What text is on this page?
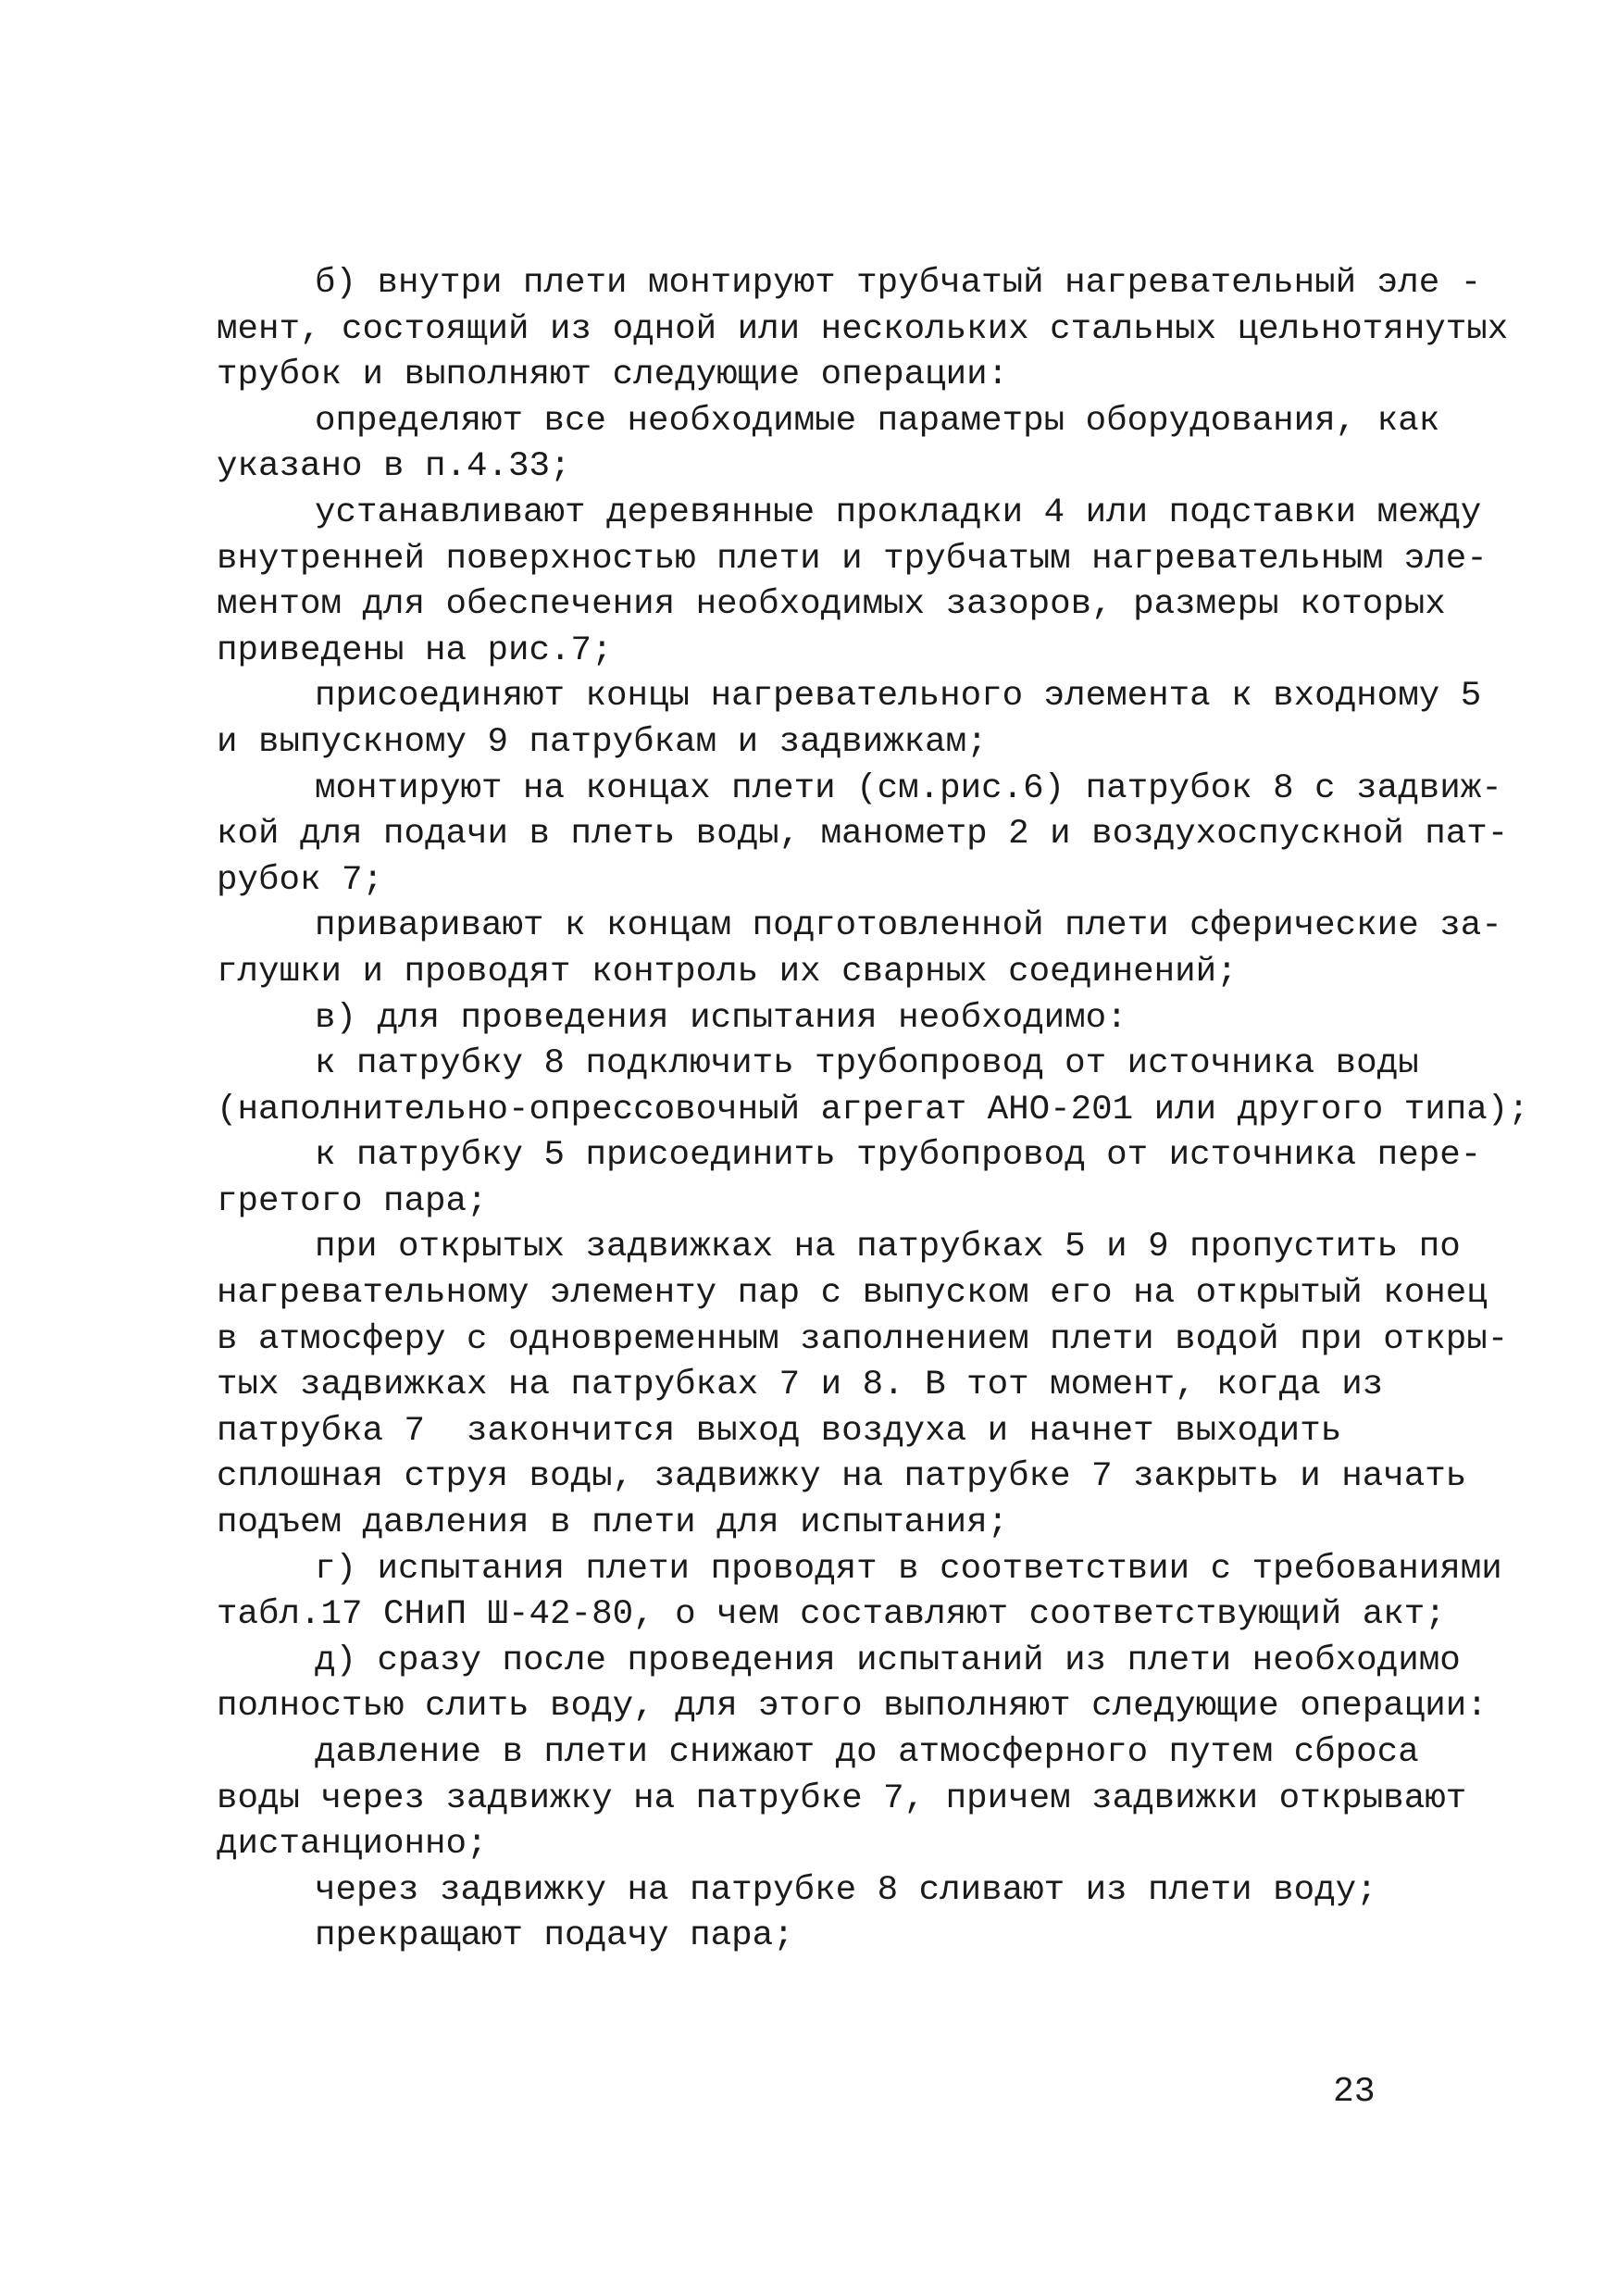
б) внутри плети монтируют трубчатый нагревательный эле -
мент, состоящий из одной или нескольких стальных цельнотянутых
трубок и выполняют следующие операции:
определяют все необходимые параметры оборудования, как
указано в п.4.33;
устанавливают деревянные прокладки 4 или подставки между
внутренней поверхностью плети и трубчатым нагревательным эле-
ментом для обеспечения необходимых зазоров, размеры которых
приведены на рис.7;
присоединяют концы нагревательного элемента к входному 5
и выпускному 9 патрубкам и задвижкам;
монтируют на концах плети (см.рис.6) патрубок 8 с задвиж-
кой для подачи в плеть воды, манометр 2 и воздухоспускной пат-
рубок 7;
приваривают к концам подготовленной плети сферические за-
глушки и проводят контроль их сварных соединений;
в) для проведения испытания необходимо:
к патрубку 8 подключить трубопровод от источника воды
(наполнительно-опрессовочный агрегат АНО-201 или другого типа);
к патрубку 5 присоединить трубопровод от источника пере-
гретого пара;
при открытых задвижках на патрубках 5 и 9 пропустить по
нагревательному элементу пар с выпуском его на открытый конец
в атмосферу с одновременным заполнением плети водой при откры-
тых задвижках на патрубках 7 и 8. В тот момент, когда из
патрубка 7  закончится выход воздуха и начнет выходить
сплошная струя воды, задвижку на патрубке 7 закрыть и начать
подъем давления в плети для испытания;
г) испытания плети проводят в соответствии с требованиями
табл.17 СНиП Ш-42-80, о чем составляют соответствующий акт;
д) сразу после проведения испытаний из плети необходимо
полностью слить воду, для этого выполняют следующие операции:
давление в плети снижают до атмосферного путем сброса
воды через задвижку на патрубке 7, причем задвижки открывают
дистанционно;
через задвижку на патрубке 8 сливают из плети воду;
прекращают подачу пара;
23
